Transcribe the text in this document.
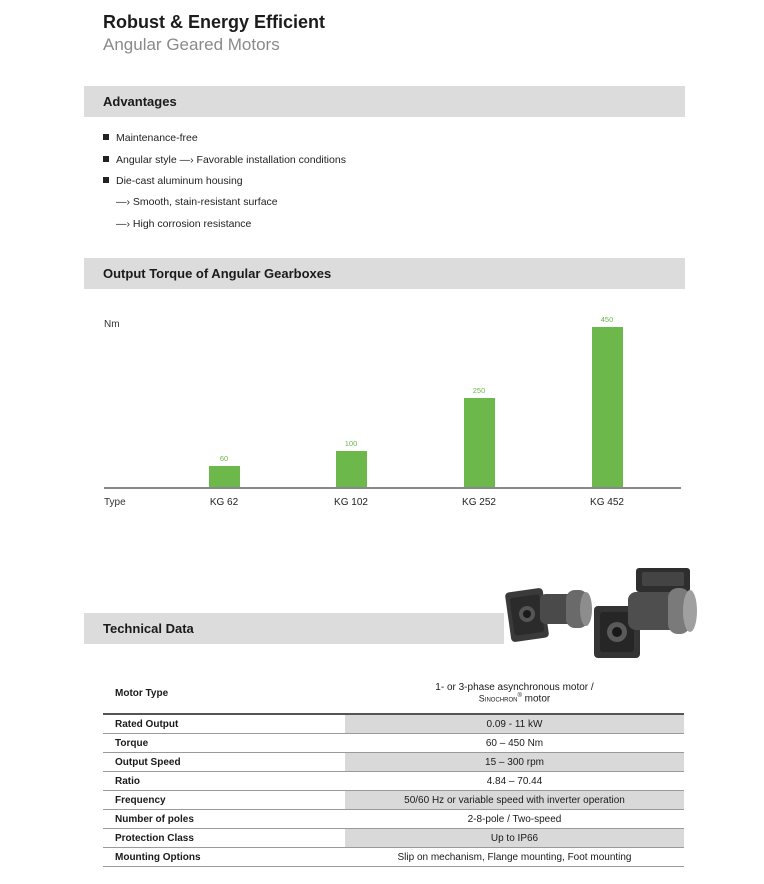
Robust & Energy Efficient
Angular Geared Motors
Advantages
Maintenance-free
Angular style —› Favorable installation conditions
Die-cast aluminum housing
—› Smooth, stain-resistant surface
—› High corrosion resistance
Output Torque of Angular Gearboxes
Nm
Type
60
KG 62
100
KG 102
250
KG 252
450
KG 452
Technical Data
Motor Type	1- or 3-phase asynchronous motor /
Sinochron® motor

Rated Output	0.09 - 11 kW
Torque	60 – 450 Nm
Output Speed	15 – 300 rpm
Ratio	4.84 – 70.44
Frequency	50/60 Hz or variable speed with inverter operation
Number of poles	2-8-pole / Two-speed
Protection Class	Up to IP66
Mounting Options	Slip on mechanism, Flange mounting, Foot mounting
